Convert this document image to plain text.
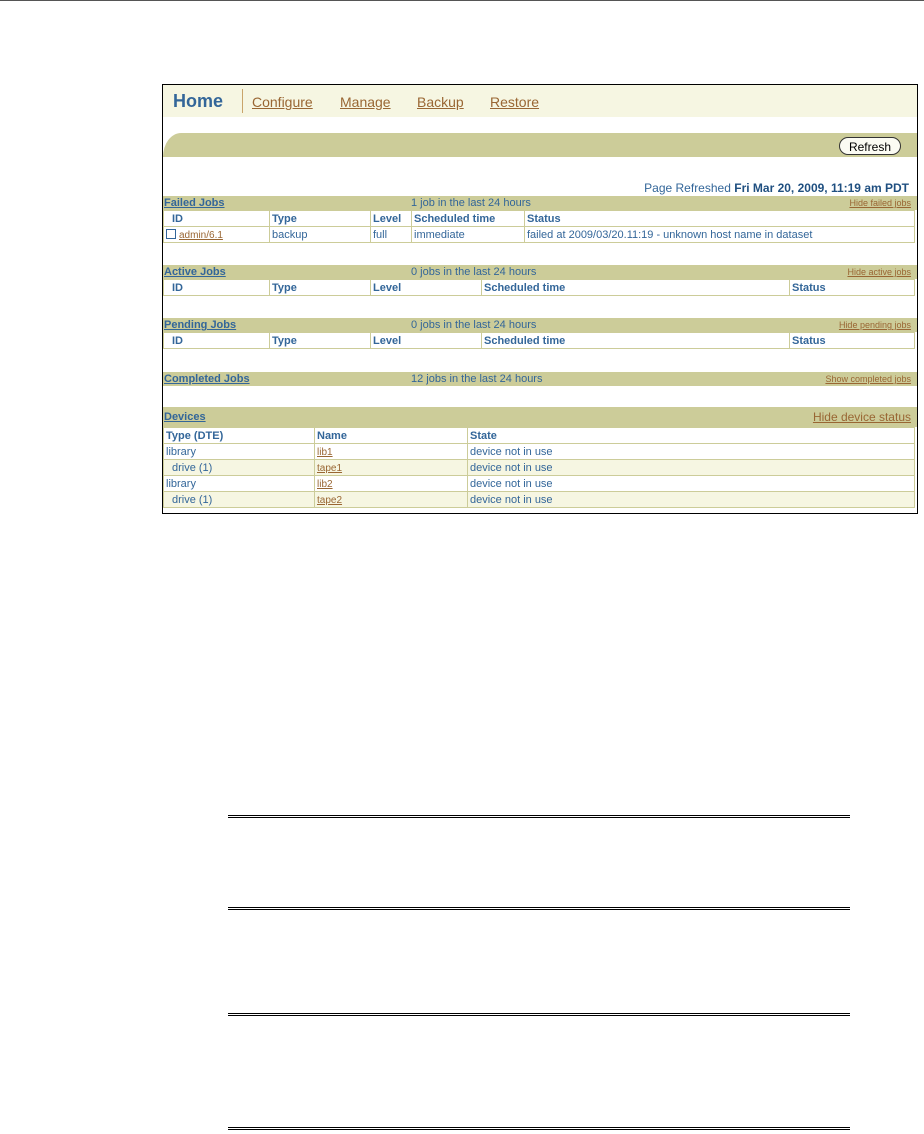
Home Configure Manage Backup Restore
Refresh
Page Refreshed Fri Mar 20, 2009, 11:19 am PDT
Failed Jobs	1 job in the last 24 hours	Hide failed jobs
ID	Type	Level	Scheduled time	Status
admin/6.1	backup	full	immediate	failed at 2009/03/20.11:19 - unknown host name in dataset
Active Jobs	0 jobs in the last 24 hours	Hide active jobs
ID	Type	Level	Scheduled time	Status
Pending Jobs	0 jobs in the last 24 hours	Hide pending jobs
ID	Type	Level	Scheduled time	Status
Completed Jobs	12 jobs in the last 24 hours	Show completed jobs
Devices	Hide device status
Type (DTE)	Name	State
library	lib1	device not in use
drive (1)	tape1	device not in use
library	lib2	device not in use
drive (1)	tape2	device not in use
